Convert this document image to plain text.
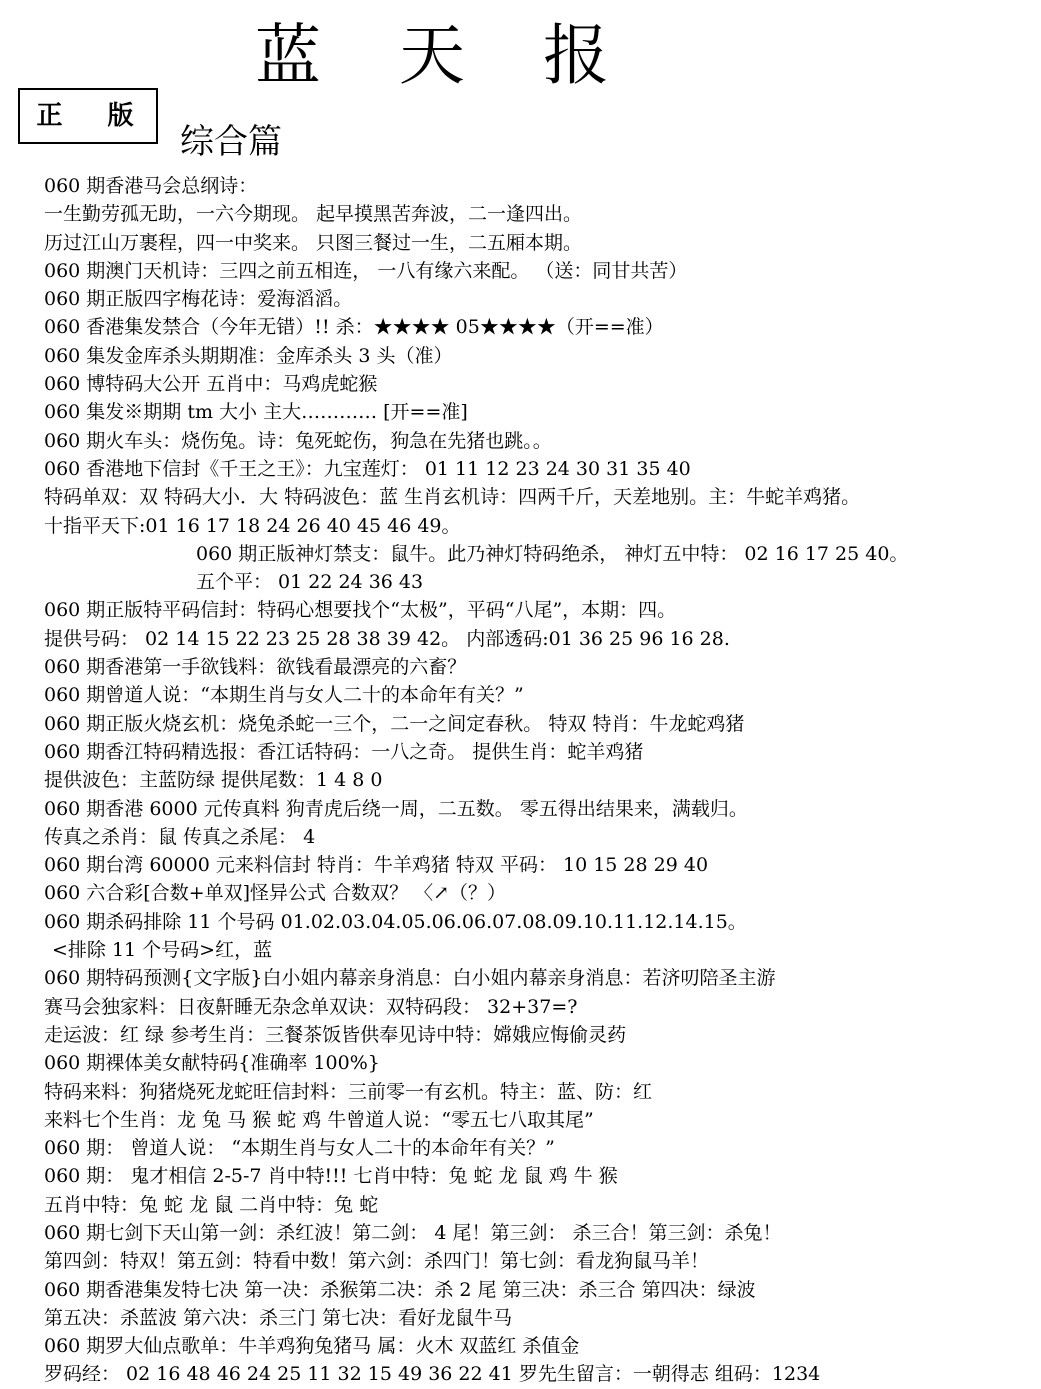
蓝天报
正 版
综合篇
060 期香港马会总纲诗：
一生勤劳孤无助，一六今期现。 起早摸黑苦奔波，二一逢四出。
历过江山万裹程，四一中奖来。 只图三餐过一生，二五厢本期。
060 期澳门天机诗：三四之前五相连， 一八有缘六来配。 （送：同甘共苦）
060 期正版四字梅花诗：爱海滔滔。
060 香港集发禁合（今年无错）!! 杀：★★★★ 05★★★★（开==准）
060 集发金库杀头期期准：金库杀头 3 头（准）
060 博特码大公开 五肖中：马鸡虎蛇猴
060 集发※期期 tm 大小 主大………… [开==准]
060 期火车头：烧伤兔。诗：兔死蛇伤，狗急在先猪也跳。。
060 香港地下信封《千王之王》：九宝莲灯： 01 11 12 23 24 30 31 35 40
特码单双：双 特码大小．大 特码波色：蓝 生肖玄机诗：四两千斤，天差地别。主：牛蛇羊鸡猪。
十指平天下:01 16 17 18 24 26 40 45 46 49。
060 期正版神灯禁支：鼠牛。此乃神灯特码绝杀， 神灯五中特： 02 16 17 25 40。
五个平： 01 22 24 36 43
060 期正版特平码信封：特码心想要找个“太极”，平码“八尾”，本期：四。
提供号码： 02 14 15 22 23 25 28 38 39 42。 内部透码:01 36 25 96 16 28.
060 期香港第一手欲钱料：欲钱看最漂亮的六畜？
060 期曾道人说：“本期生肖与女人二十的本命年有关？”
060 期正版火烧玄机：烧兔杀蛇一三个，二一之间定春秋。 特双 特肖：牛龙蛇鸡猪
060 期香江特码精选报：香江话特码：一八之奇。 提供生肖：蛇羊鸡猪
提供波色：主蓝防绿 提供尾数：1 4 8 0
060 期香港 6000 元传真料 狗青虎后绕一周，二五数。 零五得出结果来，满载归。
传真之杀肖：鼠 传真之杀尾： 4
060 期台湾 60000 元来料信封 特肖：牛羊鸡猪 特双 平码： 10 15 28 29 40
060 六合彩[合数+单双]怪异公式 合数双？ 〈↗（？）
060 期杀码排除 11 个号码 01.02.03.04.05.06.06.07.08.09.10.11.12.14.15。
<排除 11 个号码>红，蓝
060 期特码预测{文字版}白小姐内幕亲身消息：白小姐内幕亲身消息：若济叨陪圣主游
赛马会独家料：日夜鼾睡无杂念单双诀：双特码段： 32+37=?
走运波：红 绿 参考生肖：三餐茶饭皆供奉见诗中特：嫦娥应悔偷灵药
060 期裸体美女献特码{准确率 100%}
特码来料：狗猪烧死龙蛇旺信封料：三前零一有玄机。特主：蓝、防：红
来料七个生肖：龙 兔 马 猴 蛇 鸡 牛曾道人说：“零五七八取其尾”
060 期： 曾道人说： “本期生肖与女人二十的本命年有关？”
060 期： 鬼才相信 2-5-7 肖中特!!! 七肖中特：兔 蛇 龙 鼠 鸡 牛 猴
五肖中特：兔 蛇 龙 鼠 二肖中特：兔 蛇
060 期七剑下天山第一剑：杀红波！第二剑： 4 尾！第三剑： 杀三合！第三剑：杀兔！
第四剑：特双！第五剑：特看中数！第六剑：杀四门！第七剑：看龙狗鼠马羊！
060 期香港集发特七决 第一决：杀猴第二决：杀 2 尾 第三决：杀三合 第四决：绿波
第五决：杀蓝波 第六决：杀三门 第七决：看好龙鼠牛马
060 期罗大仙点歌单：牛羊鸡狗兔猪马 属：火木 双蓝红 杀值金
罗码经： 02 16 48 46 24 25 11 32 15 49 36 22 41 罗先生留言：一朝得志 组码：1234
